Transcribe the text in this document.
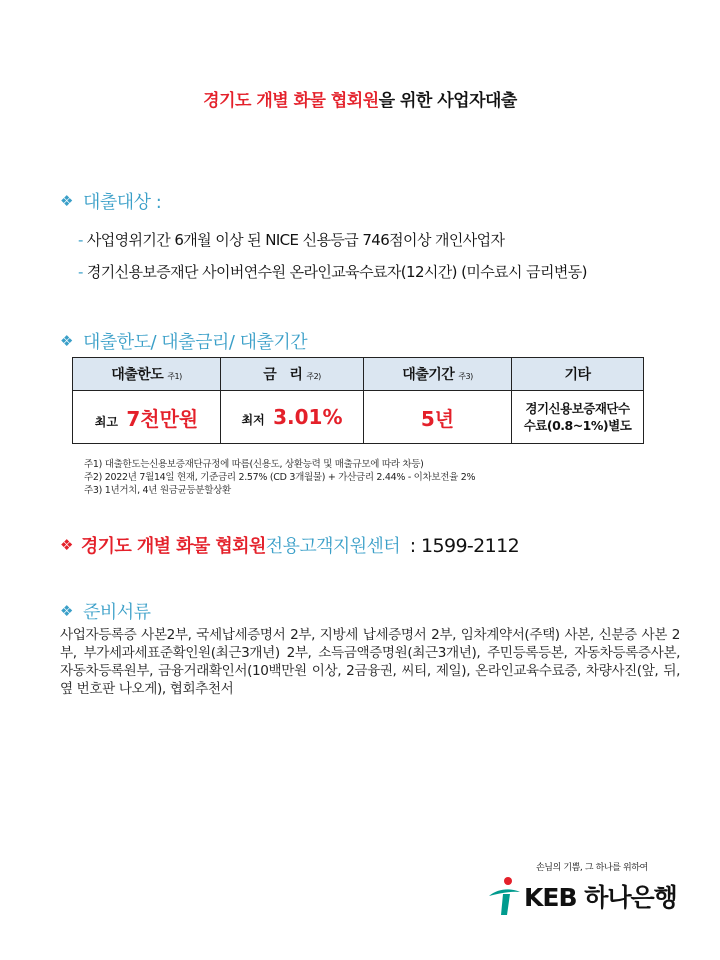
경기도 개별 화물 협회원을 위한 사업자대출
❖ 대출대상 :
- 사업영위기간 6개월 이상 된 NICE 신용등급 746점이상 개인사업자
- 경기신용보증재단 사이버연수원 온라인교육수료자(12시간) (미수료시 금리변동)
❖ 대출한도/ 대출금리/ 대출기간
대출한도 주1)	금   리 주2)	대출기간 주3)	기타
최고 7천만원	최저 3.01%	5년	경기신용보증재단수
수료(0.8~1%)별도
주1) 대출한도는신용보증재단규정에 따름(신용도, 상환능력 및 매출규모에 따라 차등)
주2) 2022년 7월14일 현재, 기준금리 2.57% (CD 3개월물) + 가산금리 2.44% - 이차보전율 2%
주3) 1년거치, 4년 원금균등분할상환
❖ 경기도 개별 화물 협회원전용고객지원센터 : 1599-2112
❖ 준비서류
사업자등록증 사본2부, 국세납세증명서 2부, 지방세 납세증명서 2부, 임차계약서(주택) 사본, 신분증 사본 2부, 부가세과세표준확인원(최근3개년) 2부, 소득금액증명원(최근3개년), 주민등록등본, 자동차등록증사본, 자동차등록원부, 금융거래확인서(10백만원 이상, 2금융권, 씨티, 제일), 온라인교육수료증, 차량사진(앞, 뒤, 옆 번호판 나오게), 협회추천서
손님의 기쁨, 그 하나를 위하여
KEB 하나은행
